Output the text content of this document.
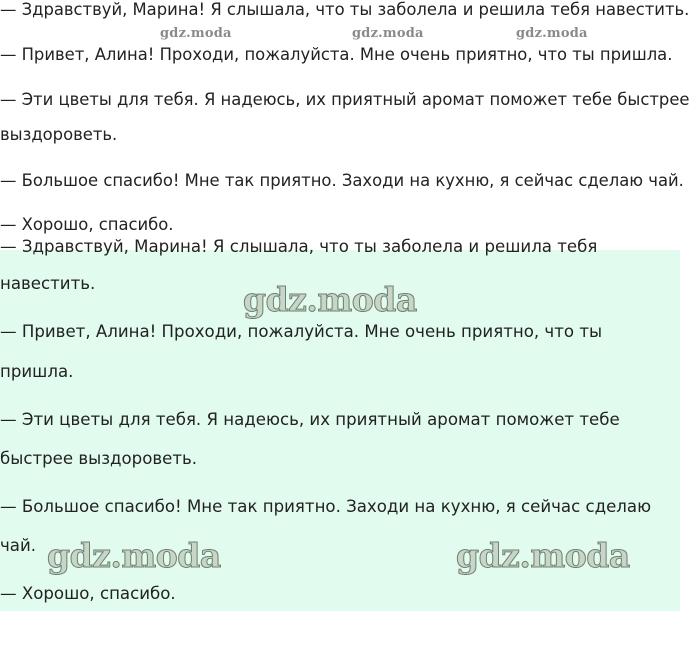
— Здравствуй, Марина! Я слышала, что ты заболела и решила тебя навестить.

— Привет, Алина! Проходи, пожалуйста. Мне очень приятно, что ты пришла.

— Эти цветы для тебя. Я надеюсь, их приятный аромат поможет тебе быстрее

выздороветь.

— Большое спасибо! Мне так приятно. Заходи на кухню, я сейчас сделаю чай.

— Хорошо, спасибо.

gdz.moda	gdz.moda	gdz.moda

— Здравствуй, Марина! Я слышала, что ты заболела и решила тебя

навестить.

— Привет, Алина! Проходи, пожалуйста. Мне очень приятно, что ты

пришла.

— Эти цветы для тебя. Я надеюсь, их приятный аромат поможет тебе

быстрее выздороветь.

— Большое спасибо! Мне так приятно. Заходи на кухню, я сейчас сделаю

чай.

— Хорошо, спасибо.

gdz.moda
gdz.moda	gdz.moda
